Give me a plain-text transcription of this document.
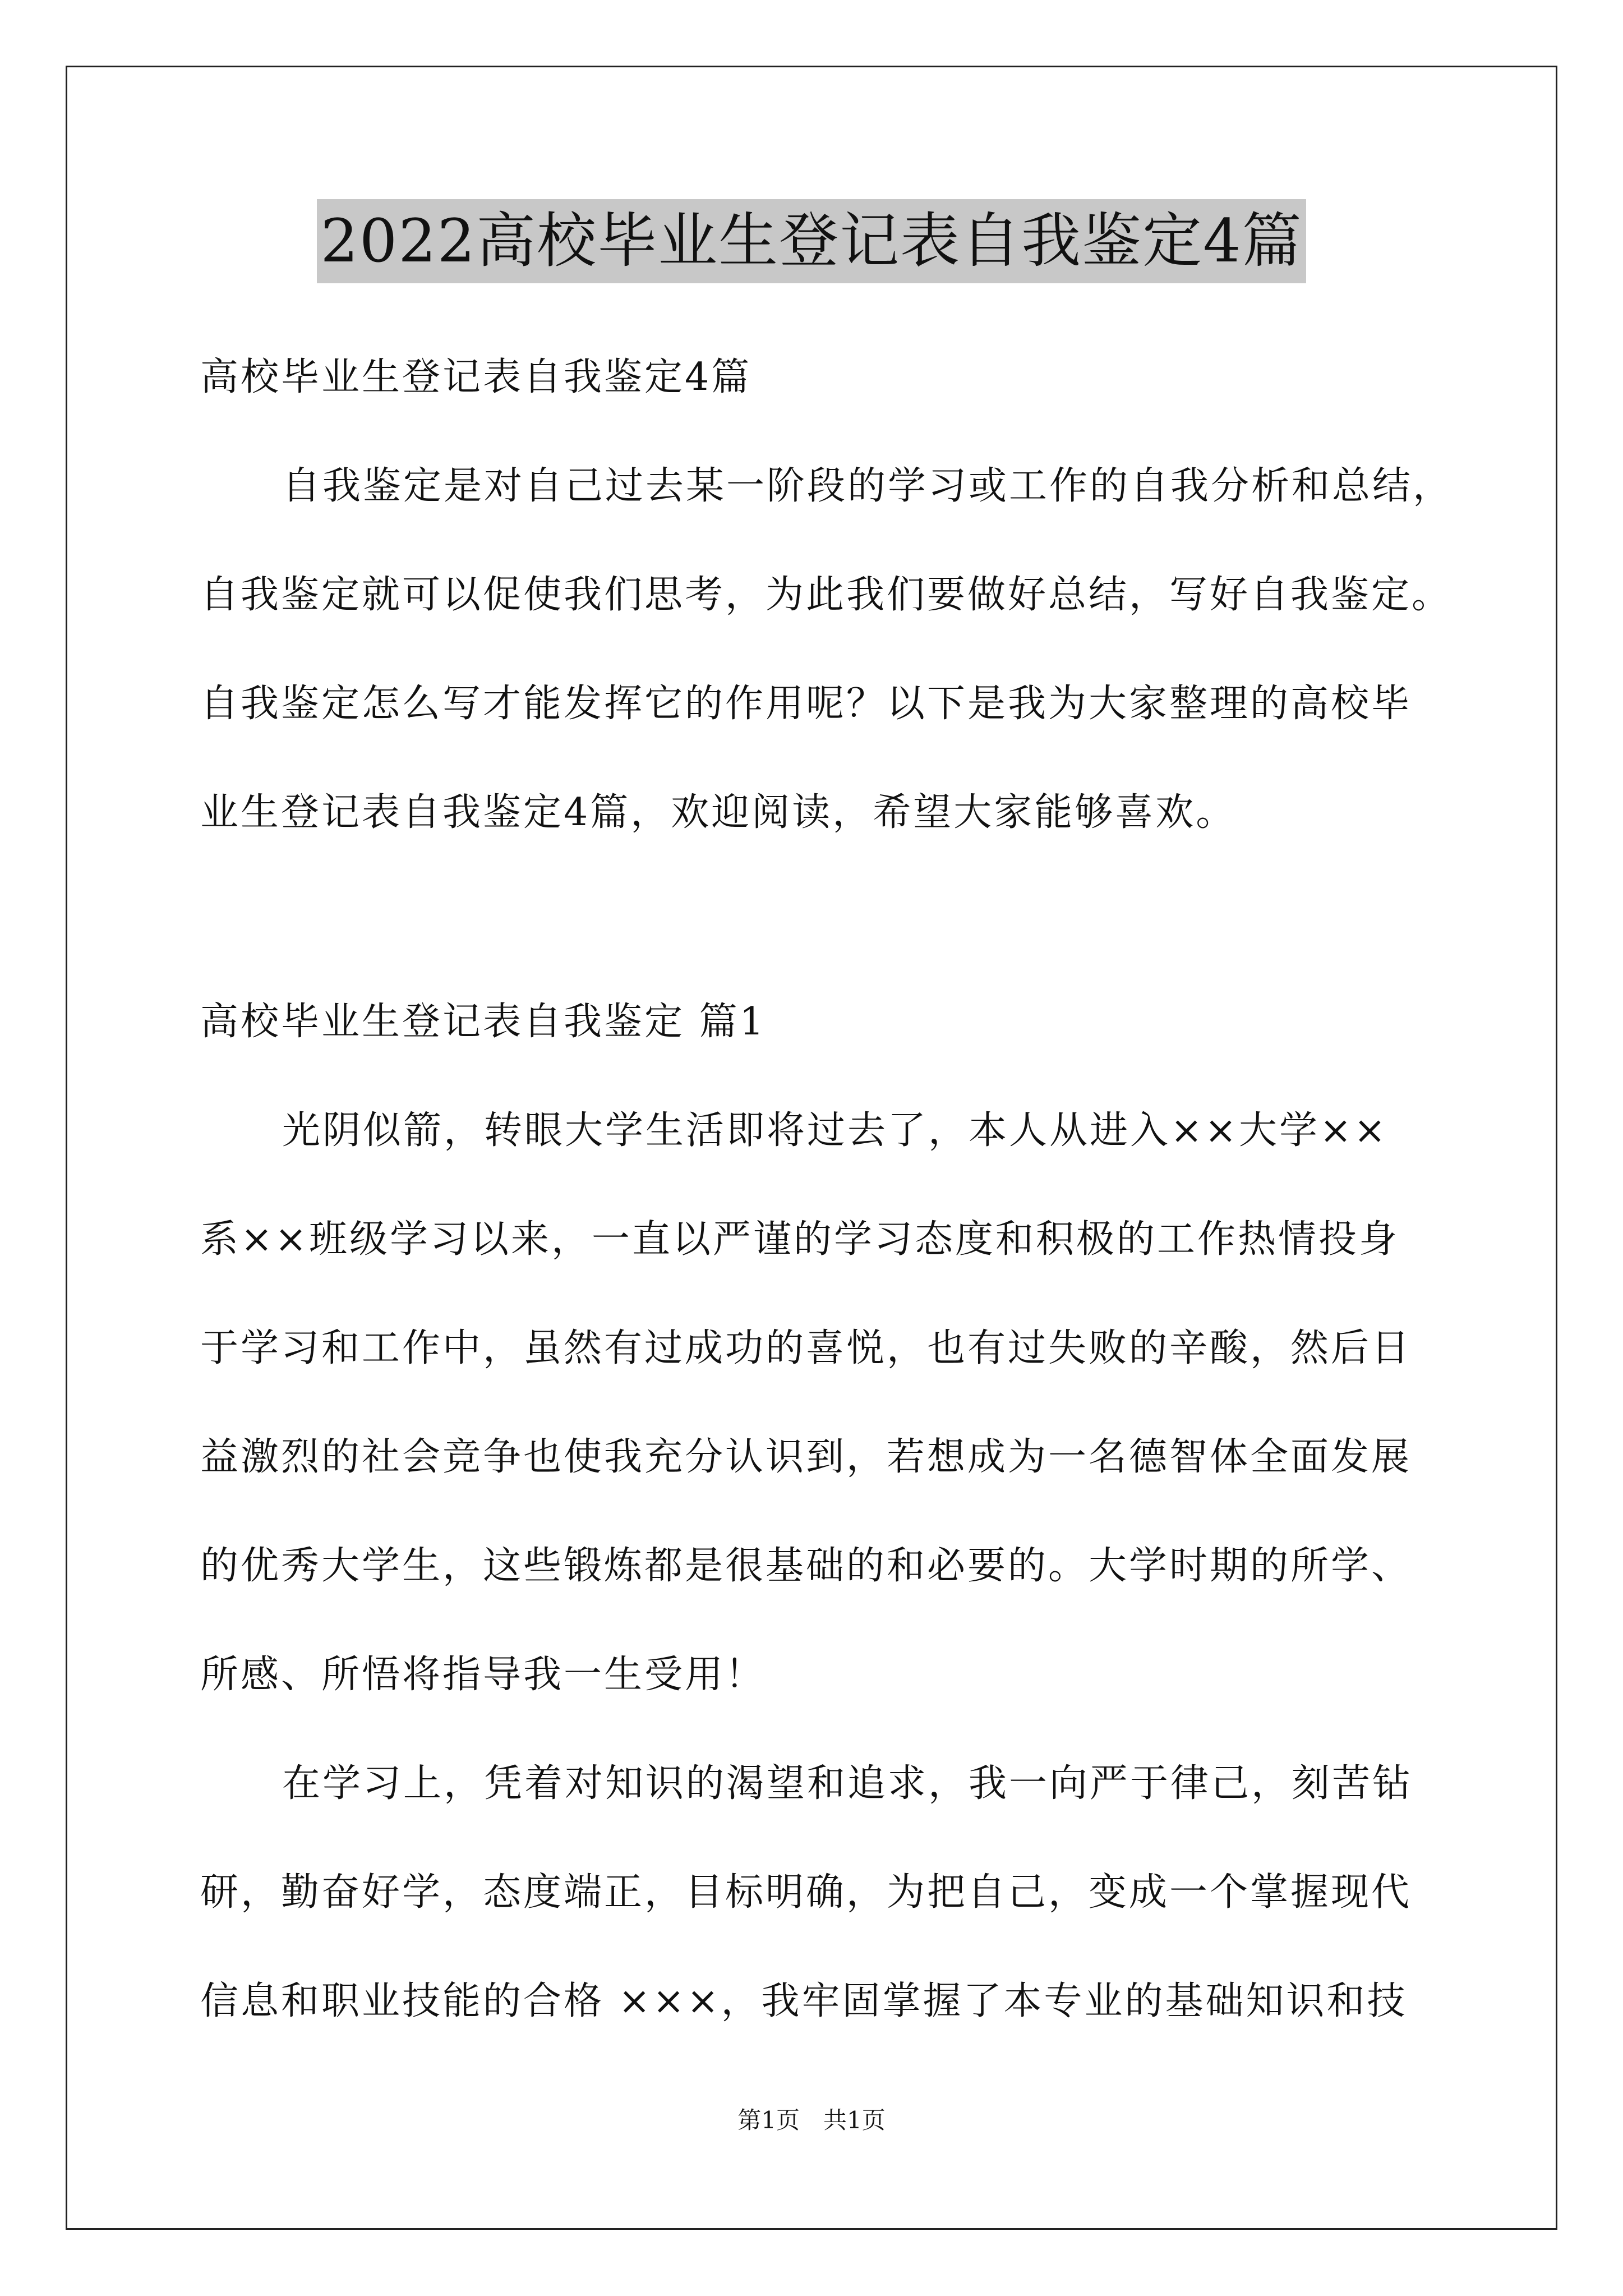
2022高校毕业生登记表自我鉴定4篇
高校毕业生登记表自我鉴定4篇
自我鉴定是对自己过去某一阶段的学习或工作的自我分析和总结，
自我鉴定就可以促使我们思考，为此我们要做好总结，写好自我鉴定。
自我鉴定怎么写才能发挥它的作用呢？以下是我为大家整理的高校毕
业生登记表自我鉴定4篇，欢迎阅读，希望大家能够喜欢。
高校毕业生登记表自我鉴定 篇1
光阴似箭，转眼大学生活即将过去了，本人从进入××大学××
系××班级学习以来，一直以严谨的学习态度和积极的工作热情投身
于学习和工作中，虽然有过成功的喜悦，也有过失败的辛酸，然后日
益激烈的社会竞争也使我充分认识到，若想成为一名德智体全面发展
的优秀大学生，这些锻炼都是很基础的和必要的。大学时期的所学、
所感、所悟将指导我一生受用！
在学习上，凭着对知识的渴望和追求，我一向严于律己，刻苦钻
研，勤奋好学，态度端正，目标明确，为把自己，变成一个掌握现代
信息和职业技能的合格 ×××，我牢固掌握了本专业的基础知识和技
第1页　共1页
